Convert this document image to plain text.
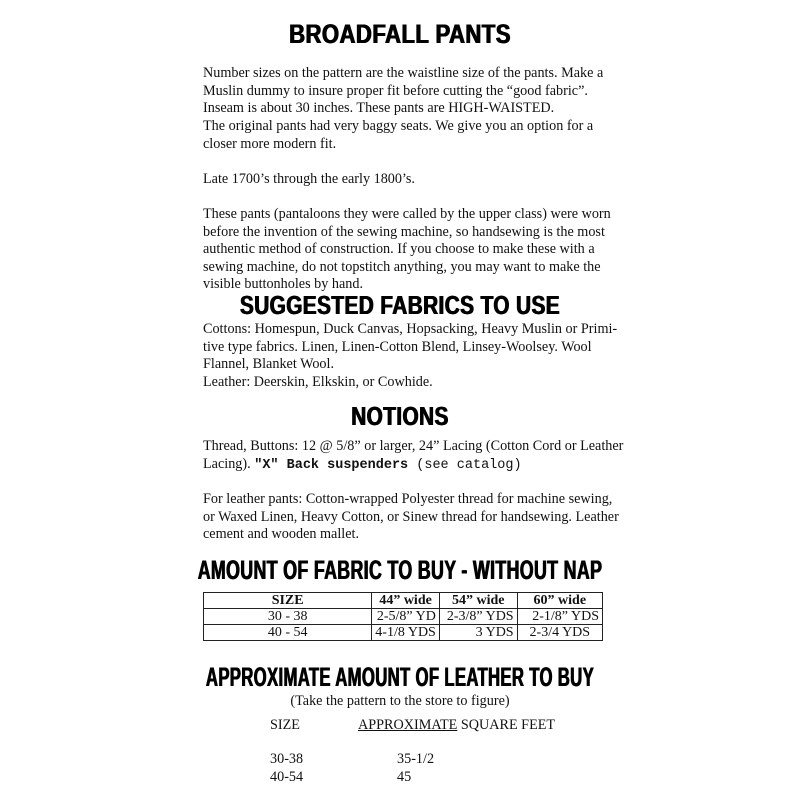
BROADFALL PANTS
Number sizes on the pattern are the waistline size of the pants. Make a
Muslin dummy to insure proper fit before cutting the “good fabric”.
Inseam is about 30 inches. These pants are HIGH-WAISTED.
The original pants had very baggy seats. We give you an option for a
closer more modern fit.
Late 1700’s through the early 1800’s.
These pants (pantaloons they were called by the upper class) were worn
before the invention of the sewing machine, so handsewing is the most
authentic method of construction. If you choose to make these with a
sewing machine, do not topstitch anything, you may want to make the
visible buttonholes by hand.
SUGGESTED FABRICS TO USE
Cottons: Homespun, Duck Canvas, Hopsacking, Heavy Muslin or Primi-
tive type fabrics. Linen, Linen-Cotton Blend, Linsey-Woolsey. Wool
Flannel, Blanket Wool.
Leather: Deerskin, Elkskin, or Cowhide.
NOTIONS
Thread, Buttons: 12 @ 5/8” or larger, 24” Lacing (Cotton Cord or Leather
Lacing). "X" Back suspenders (see catalog)
For leather pants: Cotton-wrapped Polyester thread for machine sewing,
or Waxed Linen, Heavy Cotton, or Sinew thread for handsewing. Leather
cement and wooden mallet.
AMOUNT OF FABRIC TO BUY - WITHOUT NAP
SIZE	44” wide	54” wide	60” wide
30 - 38	2-5/8” YD	2-3/8” YDS	2-1/8” YDS
40 - 54	4-1/8 YDS	3 YDS	2-3/4 YDS
APPROXIMATE AMOUNT OF LEATHER TO BUY
(Take the pattern to the store to figure)
SIZE	APPROXIMATE SQUARE FEET
30-38	35-1/2
40-54	45
